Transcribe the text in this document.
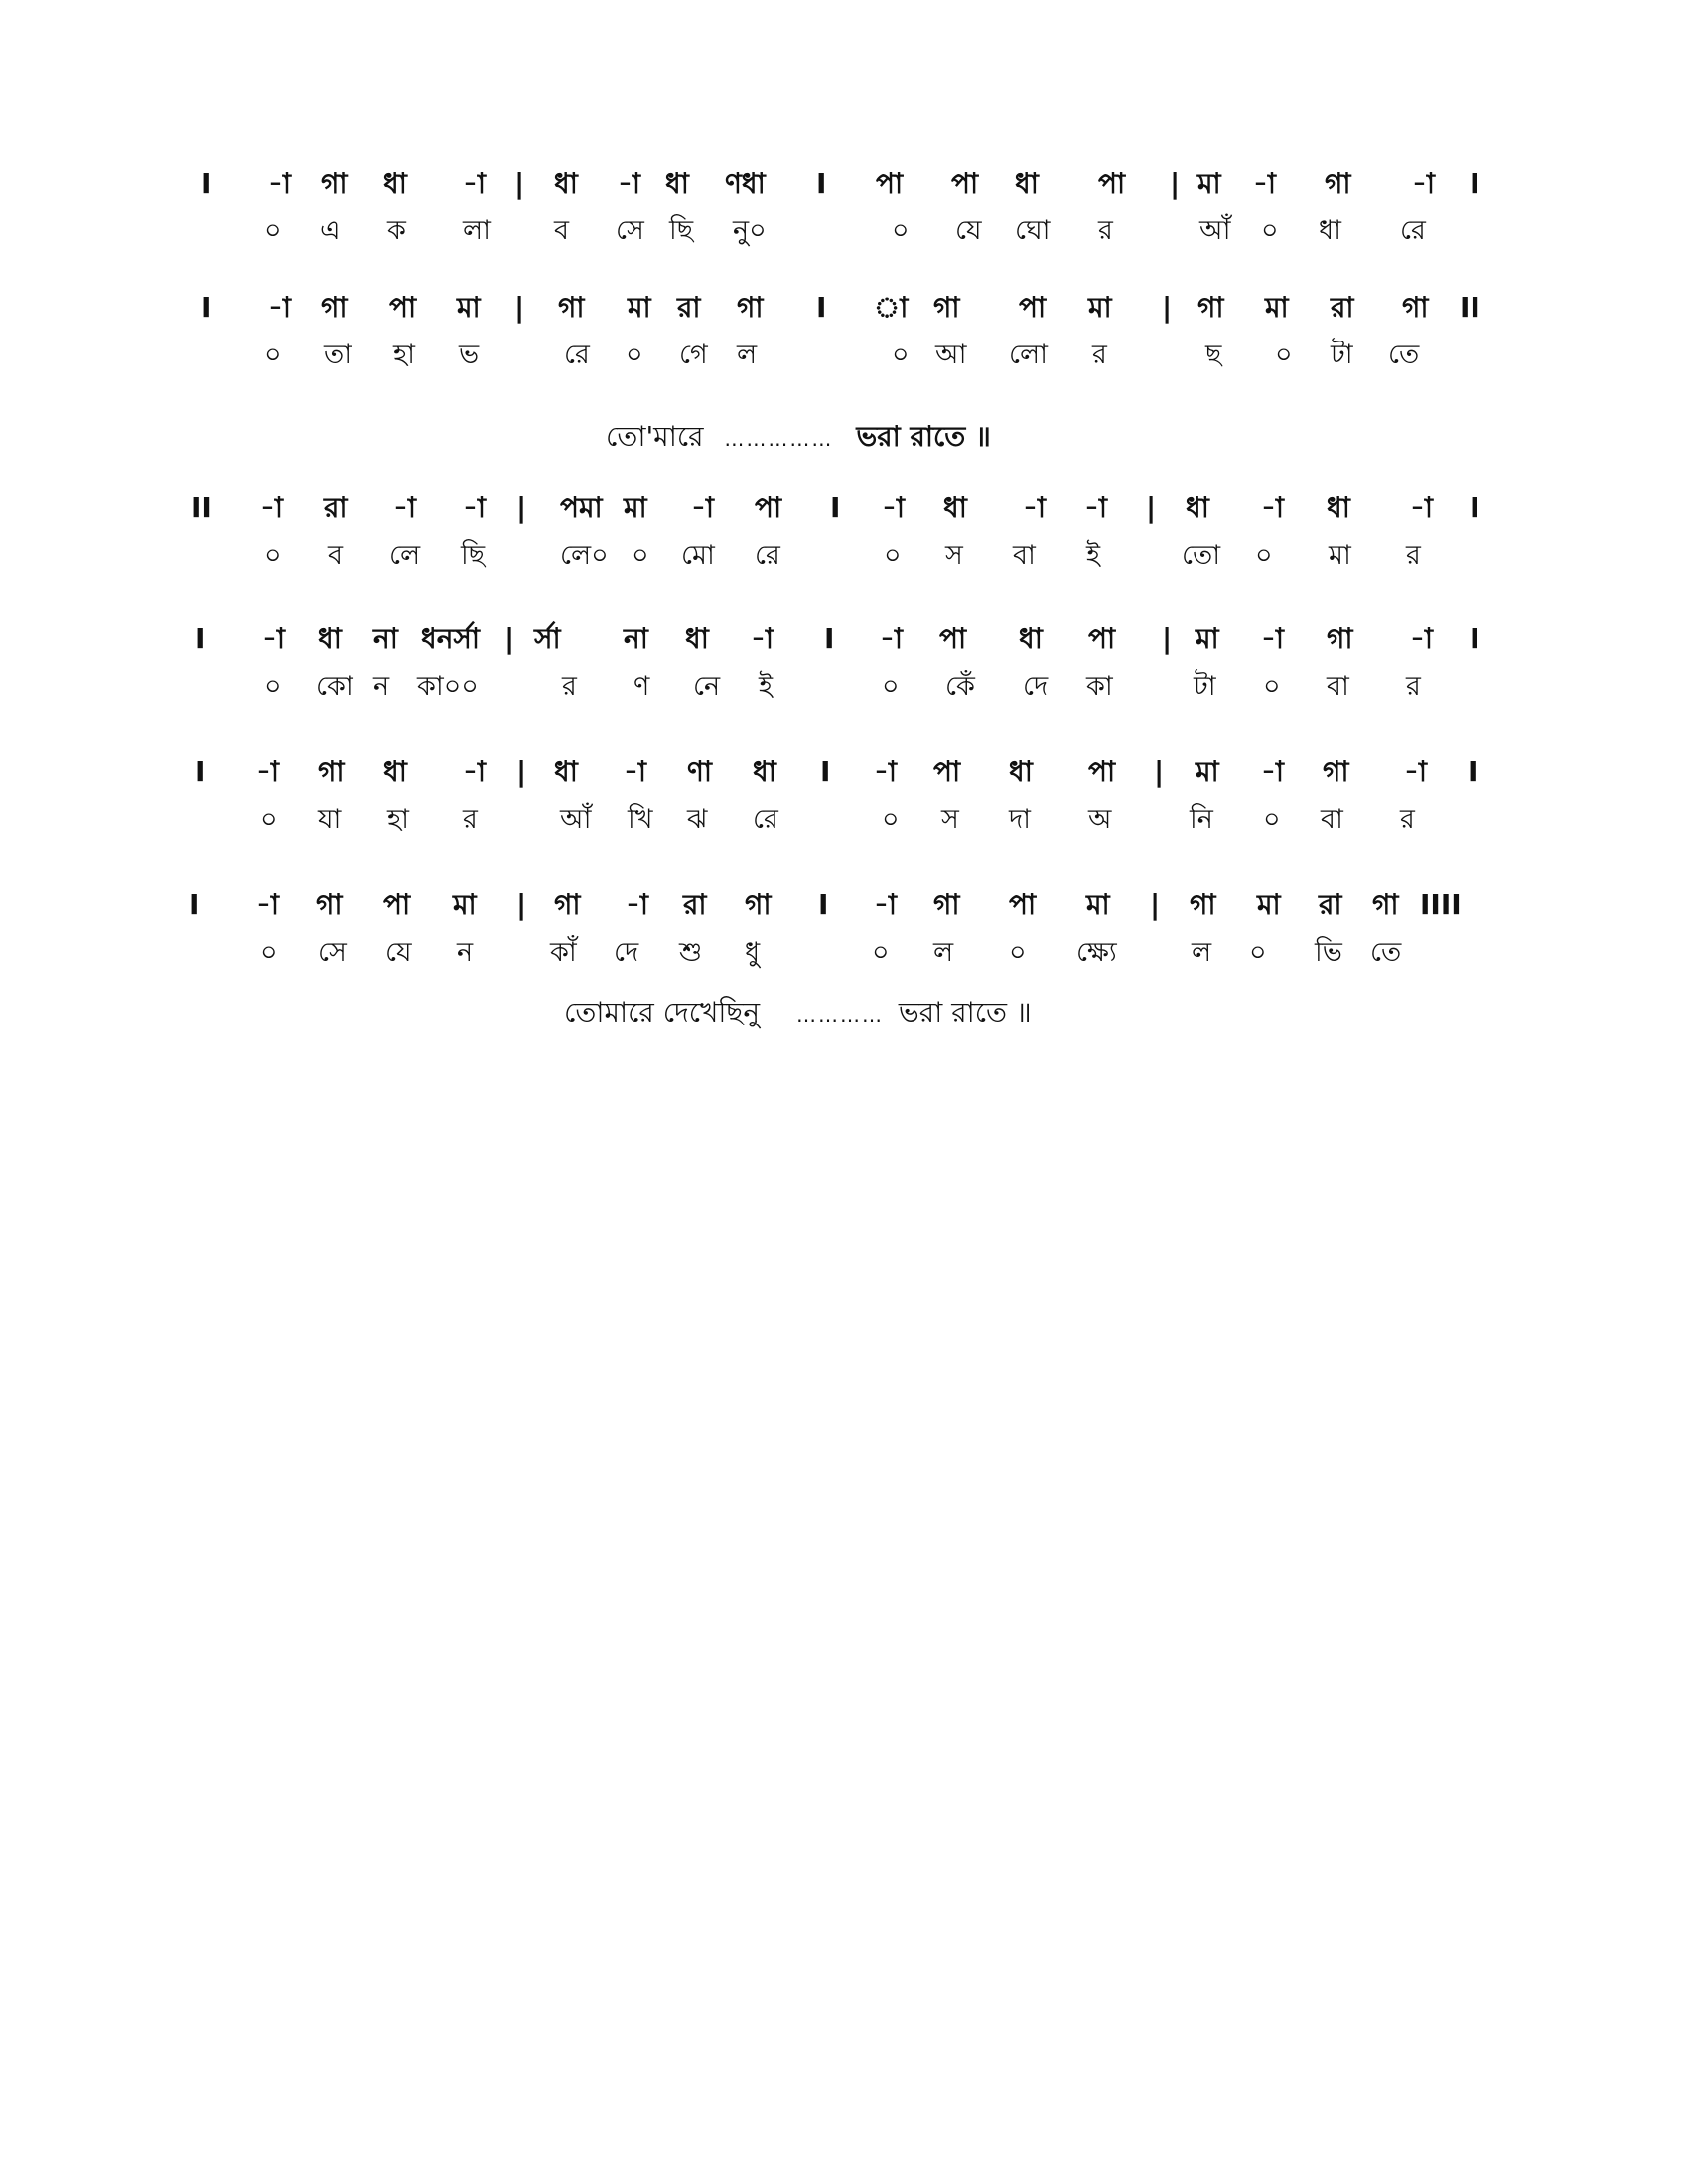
I -া গা ধা -া | ধা -া ধা ণধা I পা পা ধা পা | মা -া গা -া I
০ এ ক লা ব সে ছি নু০	০ যে ঘো র	আঁ ০ ধা রে
I -া গা পা মা | গা মা রা গা I া গা পা মা | গা মা রা গা II
০ তা হা ভ	রে ০ গে ল	০ আ লো র	ছ ০ টা তে
তো'মারে …………… ভরা রাতে ॥
II -া রা -া -া | পমা মা -া পা I -া ধা -া -া | ধা -া ধা -া I
০ ব লে ছি	লে০ ০ মো রে	০ স বা ই	তো ০ মা র
I -া ধা না ধনর্সা | র্সা না ধা -া I -া পা ধা পা | মা -া গা -া I
০ কো ন কা০০	র ণ নে ই	০ কেঁ দে কা	টা ০ বা র
I -া গা ধা -া | ধা -া ণা ধা I -া পা ধা পা | মা -া গা -া I
০ যা হা র	আঁ খি ঝ রে	০ স দা অ	নি ০ বা র
I -া গা পা মা | গা -া রা গা I -া গা পা মা | গা মা রা গা IIII
০ সে যে ন	কাঁ দে শু ধু	০ ল ০ ক্ষ্যে	ল ০ ভি তে
তোমারে দেখেছিনু ………… ভরা রাতে ॥
